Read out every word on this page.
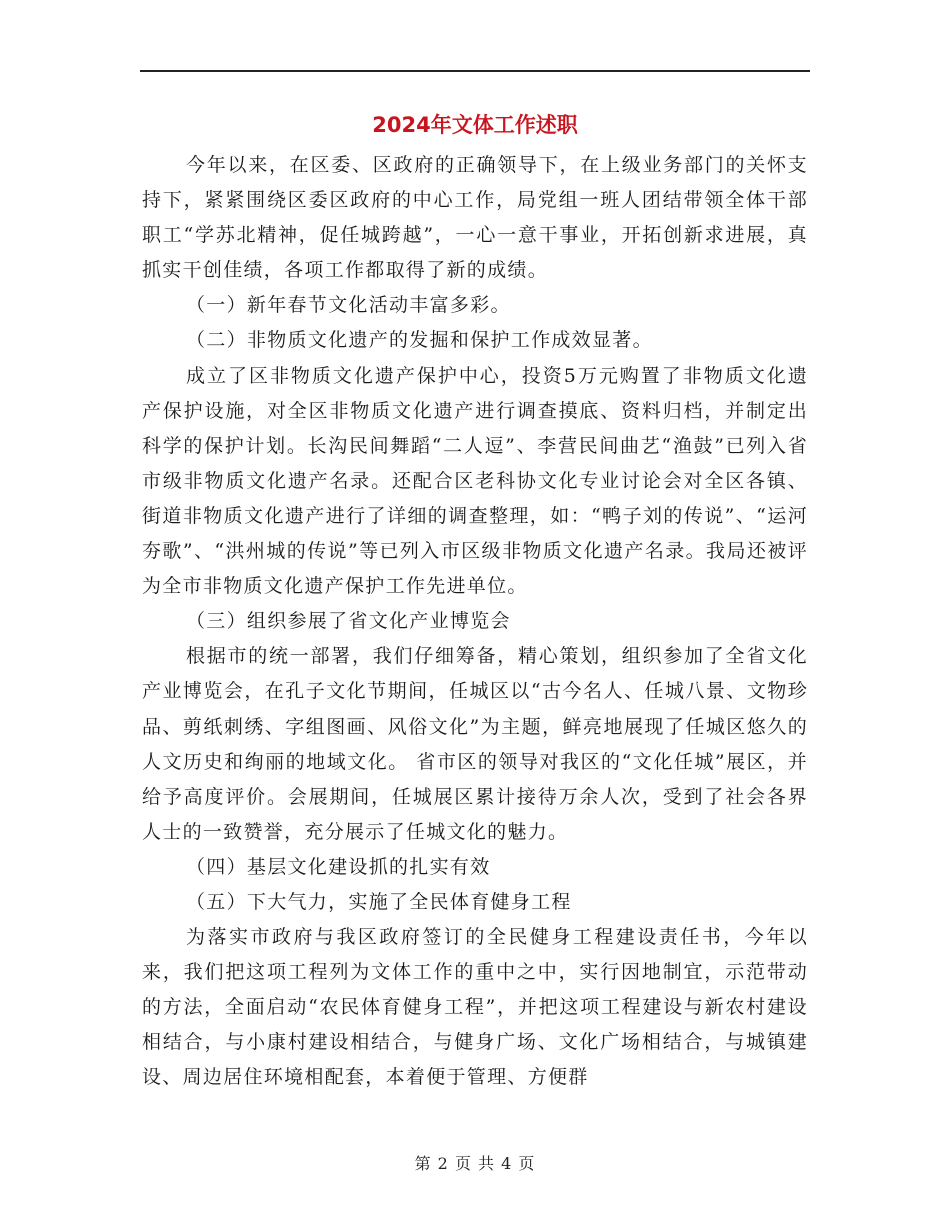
2024年文体工作述职

今年以来，在区委、区政府的正确领导下，在上级业务部门的关怀支持下，紧紧围绕区委区政府的中心工作，局党组一班人团结带领全体干部职工“学苏北精神，促任城跨越”，一心一意干事业，开拓创新求进展，真抓实干创佳绩，各项工作都取得了新的成绩。

（一）新年春节文化活动丰富多彩。

（二）非物质文化遗产的发掘和保护工作成效显著。

成立了区非物质文化遗产保护中心，投资5万元购置了非物质文化遗产保护设施，对全区非物质文化遗产进行调查摸底、资料归档，并制定出科学的保护计划。长沟民间舞蹈“二人逗”、李营民间曲艺“渔鼓”已列入省市级非物质文化遗产名录。还配合区老科协文化专业讨论会对全区各镇、街道非物质文化遗产进行了详细的调查整理，如：“鸭子刘的传说”、“运河夯歌”、“洪州城的传说”等已列入市区级非物质文化遗产名录。我局还被评为全市非物质文化遗产保护工作先进单位。

（三）组织参展了省文化产业博览会

根据市的统一部署，我们仔细筹备，精心策划，组织参加了全省文化产业博览会，在孔子文化节期间，任城区以“古今名人、任城八景、文物珍品、剪纸刺绣、字组图画、风俗文化”为主题，鲜亮地展现了任城区悠久的人文历史和绚丽的地域文化。 省市区的领导对我区的“文化任城”展区，并给予高度评价。会展期间，任城展区累计接待万余人次，受到了社会各界人士的一致赞誉，充分展示了任城文化的魅力。

（四）基层文化建设抓的扎实有效

（五）下大气力，实施了全民体育健身工程

为落实市政府与我区政府签订的全民健身工程建设责任书，今年以来，我们把这项工程列为文体工作的重中之中，实行因地制宜，示范带动的方法，全面启动“农民体育健身工程”，并把这项工程建设与新农村建设相结合，与小康村建设相结合，与健身广场、文化广场相结合，与城镇建设、周边居住环境相配套，本着便于管理、方便群

第 2 页 共 4 页
